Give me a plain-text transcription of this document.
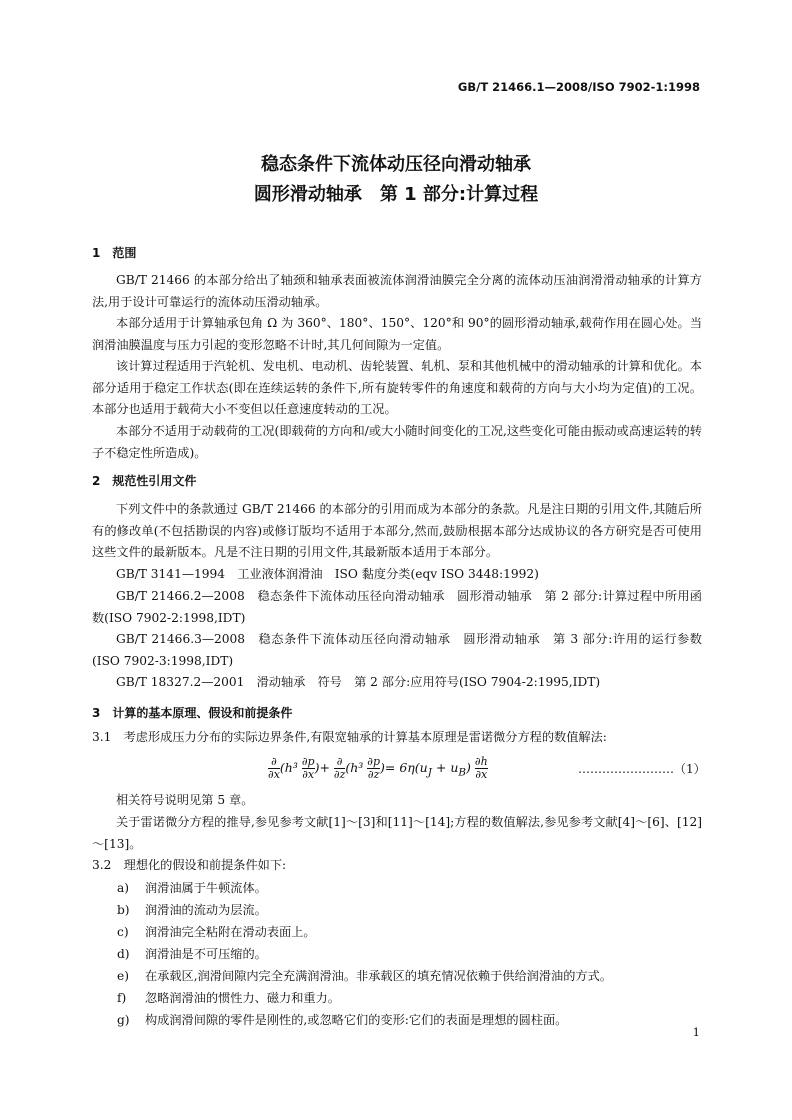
GB/T 21466.1—2008/ISO 7902-1:1998
稳态条件下流体动压径向滑动轴承
圆形滑动轴承　第 1 部分:计算过程
1　范围
GB/T 21466 的本部分给出了轴颈和轴承表面被流体润滑油膜完全分离的流体动压油润滑滑动轴承的计算方法,用于设计可靠运行的流体动压滑动轴承。
本部分适用于计算轴承包角 Ω 为 360°、180°、150°、120°和 90°的圆形滑动轴承,载荷作用在圆心处。当润滑油膜温度与压力引起的变形忽略不计时,其几何间隙为一定值。
该计算过程适用于汽轮机、发电机、电动机、齿轮装置、轧机、泵和其他机械中的滑动轴承的计算和优化。本部分适用于稳定工作状态(即在连续运转的条件下,所有旋转零件的角速度和载荷的方向与大小均为定值)的工况。本部分也适用于载荷大小不变但以任意速度转动的工况。
本部分不适用于动载荷的工况(即载荷的方向和/或大小随时间变化的工况,这些变化可能由振动或高速运转的转子不稳定性所造成)。
2　规范性引用文件
下列文件中的条款通过 GB/T 21466 的本部分的引用而成为本部分的条款。凡是注日期的引用文件,其随后所有的修改单(不包括勘误的内容)或修订版均不适用于本部分,然而,鼓励根据本部分达成协议的各方研究是否可使用这些文件的最新版本。凡是不注日期的引用文件,其最新版本适用于本部分。
GB/T 3141—1994　工业液体润滑油　ISO 黏度分类(eqv ISO 3448:1992)
GB/T 21466.2—2008　稳态条件下流体动压径向滑动轴承　圆形滑动轴承　第 2 部分:计算过程中所用函数(ISO 7902-2:1998,IDT)
GB/T 21466.3—2008　稳态条件下流体动压径向滑动轴承　圆形滑动轴承　第 3 部分:许用的运行参数(ISO 7902-3:1998,IDT)
GB/T 18327.2—2001　滑动轴承　符号　第 2 部分:应用符号(ISO 7904-2:1995,IDT)
3　计算的基本原理、假设和前提条件
3.1　考虑形成压力分布的实际边界条件,有限宽轴承的计算基本原理是雷诺微分方程的数值解法:
$\frac{\partial}{\partial x} (h^3 \frac{\partial p}{\partial x}$ )+ $\frac{\partial}{\partial z} (h^3 \frac{\partial p}{\partial z}$ )= $6\eta(u_J + u_B) \frac{\partial h}{\partial x}$	……………………（1）
相关符号说明见第 5 章。
关于雷诺微分方程的推导,参见参考文献[1]～[3]和[11]～[14];方程的数值解法,参见参考文献[4]～[6]、[12]～[13]。
3.2　理想化的假设和前提条件如下:
a) 润滑油属于牛顿流体。
b) 润滑油的流动为层流。
c) 润滑油完全粘附在滑动表面上。
d) 润滑油是不可压缩的。
e) 在承载区,润滑间隙内完全充满润滑油。非承载区的填充情况依赖于供给润滑油的方式。
f) 忽略润滑油的惯性力、磁力和重力。
g) 构成润滑间隙的零件是刚性的,或忽略它们的变形:它们的表面是理想的圆柱面。
1
